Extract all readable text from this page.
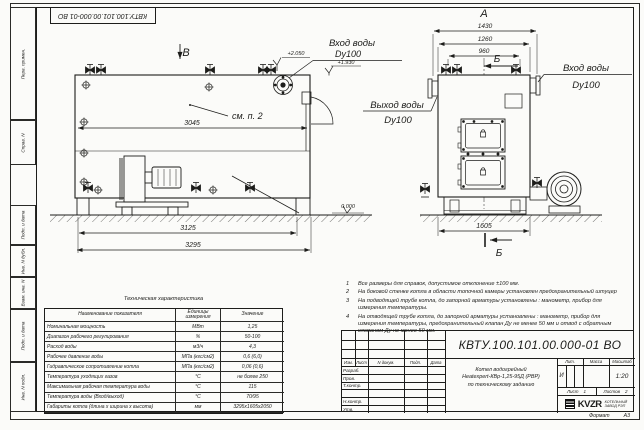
Перв. примен.
Справ. N
Подп. и дата
Инв. N дубл.
Взам. инв. N
Подп. и дата
Инв. N подл.
КВТУ.100.101.00.000-01 ВО
В
Вход воды
Dy100
+2.050
+1.930
0.000
см. п. 2
3045
3125
3295
А
Б
Б
1430
1260
960
1605
Вход воды
Dy100
Выход воды
Dy100
1	Все размеры для справок, допустимое отклонение ±100 мм.
2	На боковой стенке котла в области топочной камеры установлен предохранительный штуцер
3	На подводящей трубе котла, до запорной арматуры установлены : манометр, прибор для измерения температуры.
4	На отводящей трубе котла, до запорной арматуры установлены : манометр, прибор для измерения температуры, предохранительный клапан Ду не менее 50 мм и отвод с обратным клапаном Ду не менее 50 мм.
Техническая характеристика
Наименование показателя	Единицы измерения	Значение
Номинальная мощность	МВт	1,25
Диапазон рабочего регулирования	%	50-100
Расход воды	м3/ч	4,3
Рабочее давление воды	МПа (кгс/см2)	0,6 (6,0)
Гидравлическое сопротивление котла	МПа (кгс/см2)	0,06 (0,6)
Температура уходящих газов	°С	не более 250
Максимальная рабочая температура воды	°С	115
Температура воды (Вход/выход)	°С	70/95
Габариты котла (длина х ширина х высота)	мм	3295х1605х2050
Изм. Лист	N докум.	Подп.	Дата
Разраб.
Пров.
Т.контр.
Н.контр.
Утв.
КВТУ.100.101.00.000-01 ВО
Котел водогрейный
Heatexpert-КВр-1,25-95Д (РВР)
по техническому заданию
Лит.	Масса	Масштаб
И	1:20
Лист 1	Листов 2
KVZR КОТЕЛЬНЫЙ
ЗАВОД РЭП
Формат	А3
